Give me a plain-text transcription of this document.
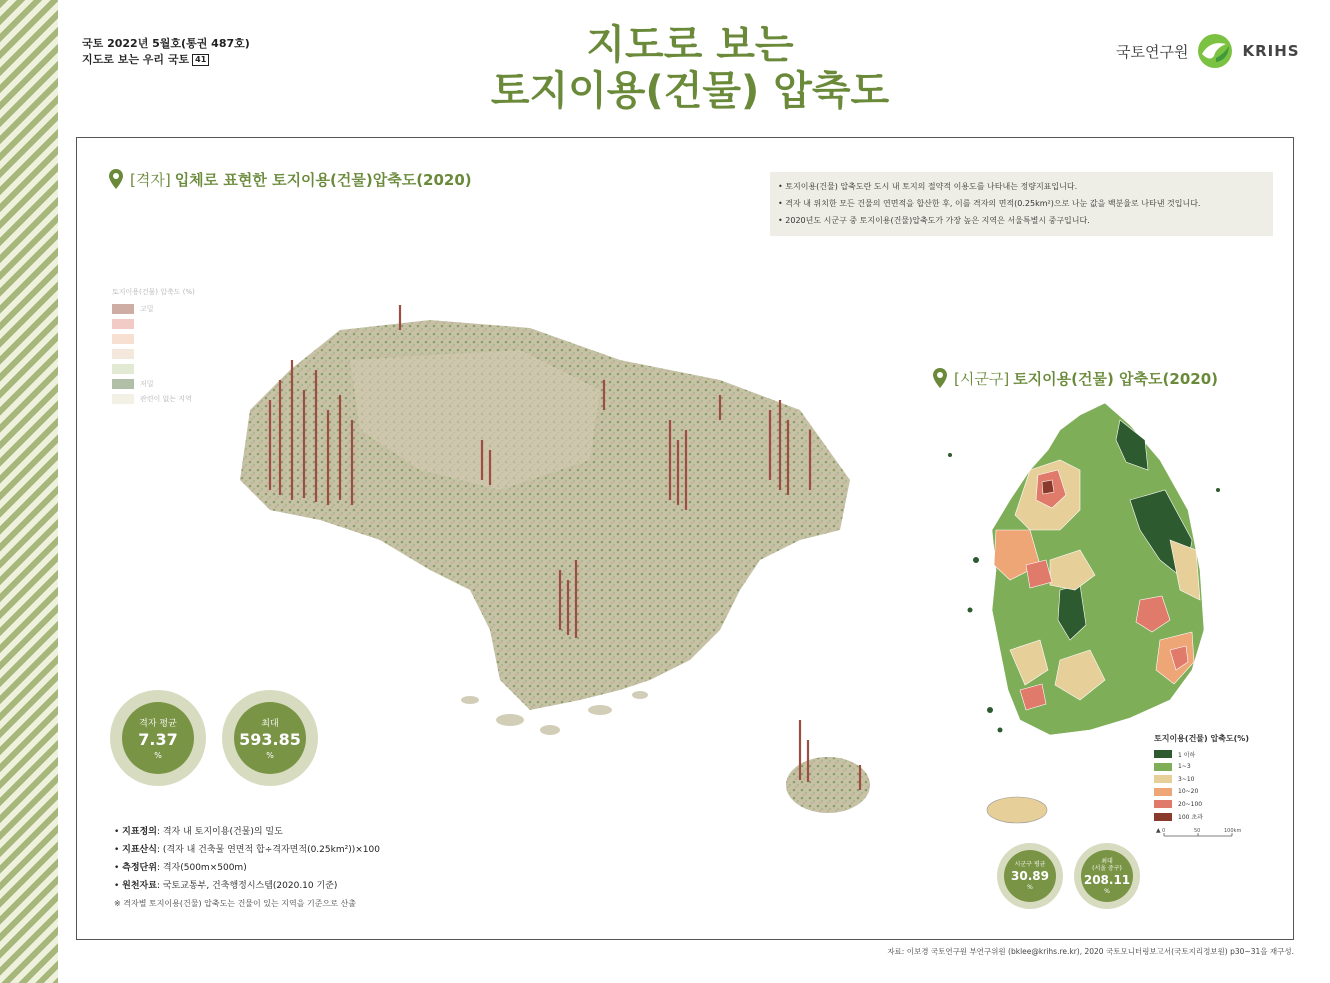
국토 2022년 5월호(통권 487호)
지도로 보는 우리 국토 41	지도로 보는
토지이용(건물) 압축도
국토연구원	KRIHS
[격자] 입체로 표현한 토지이용(건물)압축도(2020)	• 토지이용(건물) 압축도란 도시 내 토지의 절약적 이용도를 나타내는 정량지표입니다.
• 격자 내 위치한 모든 건물의 연면적을 합산한 후, 이를 격자의 면적(0.25km²)으로 나눈 값을 백분율로 나타낸 것입니다.
• 2020년도 시군구 중 토지이용(건물)압축도가 가장 높은 지역은 서울특별시 중구입니다.
토지이용(건물) 압축도 (%)
고밀
저밀
관련이 없는 지역
격자 평균
7.37
%
최대
593.85
%
• 지표정의: 격자 내 토지이용(건물)의 밀도
• 지표산식: (격자 내 건축물 연면적 합÷격자면적(0.25km²))×100
• 측정단위: 격자(500m×500m)
• 원천자료: 국토교통부, 건축행정시스템(2020.10 기준)
※ 격자별 토지이용(건물) 압축도는 건물이 있는 지역을 기준으로 산출
[시군구] 토지이용(건물) 압축도(2020)
토지이용(건물) 압축도(%)
1 이하
1~3
3~10
10~20
20~100
100 초과
▲ 0	50	100km
시군구 평균
30.89
%
최대
(서울 중구)
208.11
%
자료: 이보경 국토연구원 부연구위원 (bklee@krihs.re.kr), 2020 국토모니터링보고서(국토지리정보원) p30~31을 재구성.
